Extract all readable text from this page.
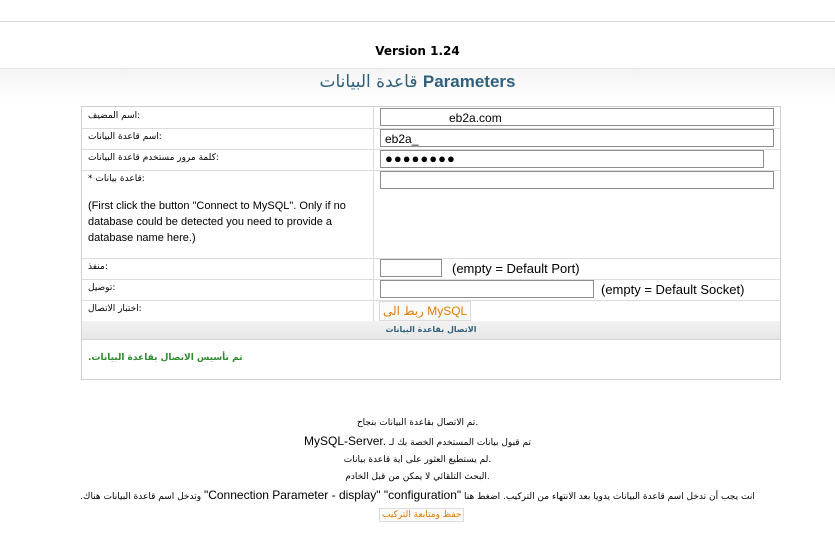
Version 1.24
قاعدة البيانات Parameters
:اسم المضيف	eb2a.com
:اسم قاعدة البيانات	eb2a_
:كلمة مرور مستخدم قاعدة البيانات	●●●●●●●●
:قاعدة بيانات *
(First click the button "Connect to MySQL". Only if no database could be detected you need to provide a database name here.)
:منفذ	(empty = Default Port)
:توصيل	(empty = Default Socket)
:اختبار الاتصال	ربط الى MySQL
الاتصال بقاعدة البيانات
.تم تأسيس الاتصال بقاعدة البيانات
تم الاتصال بقاعدة البيانات بنجاح.
MySQL-Server. تم قبول بيانات المستخدم الخصة بك لـ
لم يستطيع العثور على اية قاعدة بيانات.
البحث التلقائي لا يمكن من قبل الخادم.
.وتدخل اسم قاعدة البيانات هناك "Connection Parameter - display" "configuration" انت يجب أن تدخل اسم قاعدة البيانات يدويا بعد الانتهاء من التركيب. اضغط هنا
حفظ ومتابعة التركيب
